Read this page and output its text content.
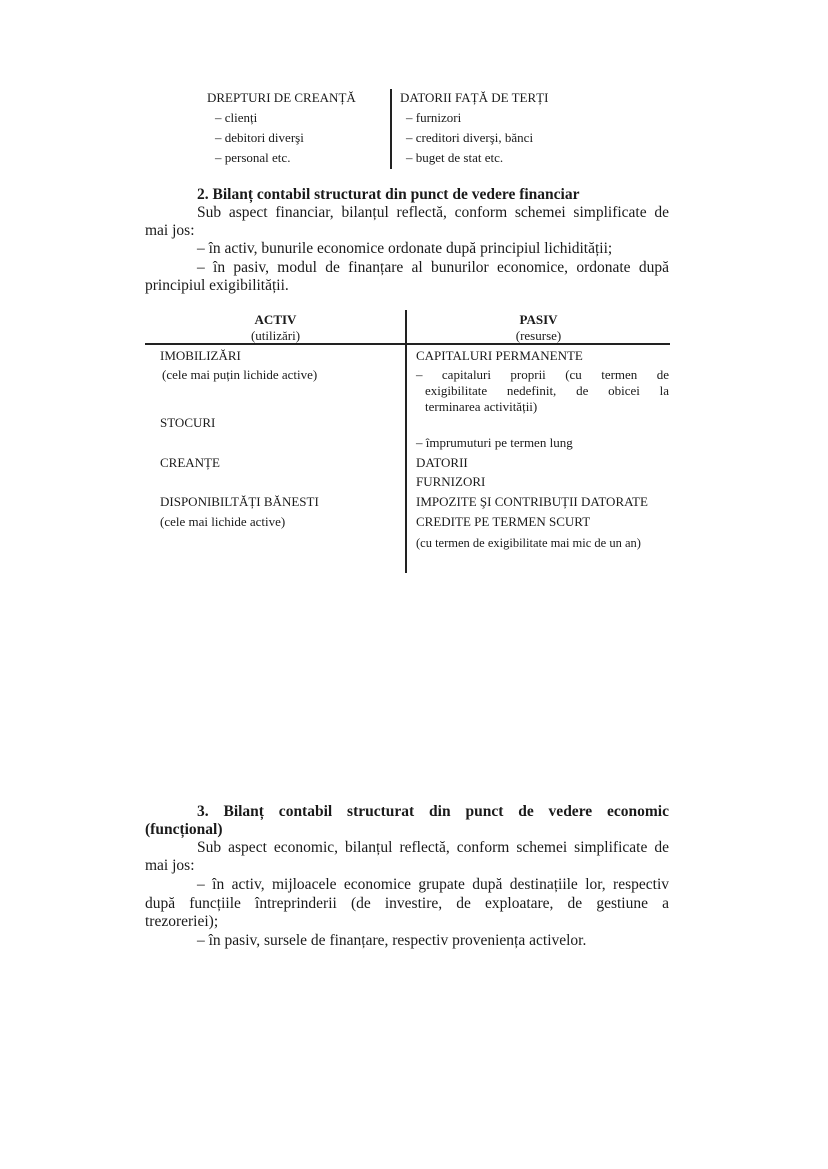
DREPTURI DE CREANȚĂ
– clienți
– debitori diverşi
– personal etc.
DATORII FAȚĂ DE TERȚI
– furnizori
– creditori diverşi, bănci
– buget de stat etc.
2. Bilanț contabil structurat din punct de vedere financiar
Sub aspect financiar, bilanțul reflectă, conform schemei simplificate de
mai jos:
– în activ, bunurile economice ordonate după principiul lichidității;
– în pasiv, modul de finanțare al bunurilor economice, ordonate după
principiul exigibilității.
ACTIV
(utilizări)
PASIV
(resurse)
IMOBILIZĂRI
(cele mai puțin lichide active)
STOCURI
CREANȚE
DISPONIBILTĂȚI BĂNESTI
(cele mai lichide active)
CAPITALURI PERMANENTE
– capitaluri proprii (cu termen de
exigibilitate nedefinit, de obicei la
terminarea activității)
– împrumuturi pe termen lung
DATORII
FURNIZORI
IMPOZITE ŞI CONTRIBUȚII DATORATE
CREDITE PE TERMEN SCURT
(cu termen de exigibilitate mai mic de un an)
3. Bilanț contabil structurat din punct de vedere economic
(funcțional)
Sub aspect economic, bilanțul reflectă, conform schemei simplificate de
mai jos:
– în activ, mijloacele economice grupate după destinațiile lor, respectiv
după funcțiile întreprinderii (de investire, de exploatare, de gestiune a
trezoreriei);
– în pasiv, sursele de finanțare, respectiv proveniența activelor.
